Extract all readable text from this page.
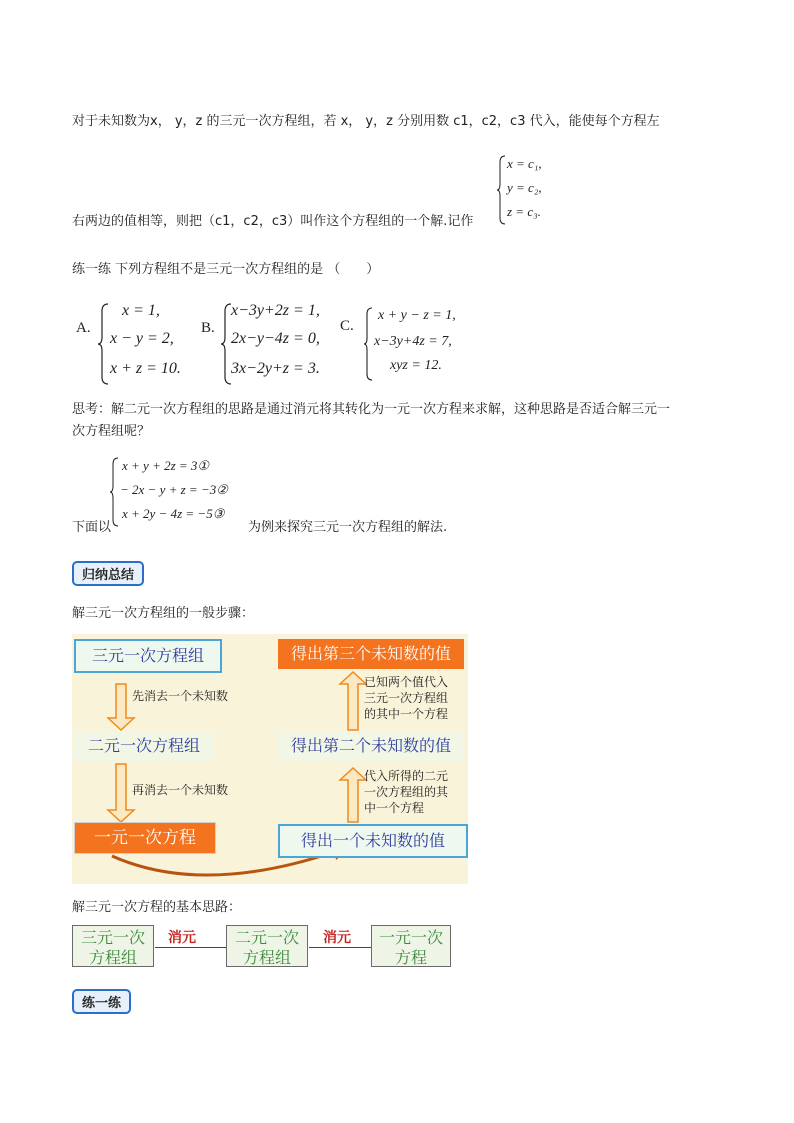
对于未知数为x， y，z 的三元一次方程组，若 x， y，z 分别用数 c1，c2，c3 代入，能使每个方程左
x = c₁,
y = c₂,
z = c₃.
右两边的值相等，则把（c1，c2，c3）叫作这个方程组的一个解.记作
练一练 下列方程组不是三元一次方程组的是 （　　）
A.
x = 1,
x − y = 2,
x + z = 10.
B.
x−3y+2z = 1,
2x−y−4z = 0,
3x−2y+z = 3.
C.
x + y − z = 1,
x−3y+4z = 7,
xyz = 12.
思考：解二元一次方程组的思路是通过消元将其转化为一元一次方程来求解，这种思路是否适合解三元一
次方程组呢？
x + y + 2z = 3①
− 2x − y + z = −3②
x + 2y − 4z = −5③
下面以	为例来探究三元一次方程组的解法.
归纳总结
解三元一次方程组的一般步骤：
三元一次方程组
二元一次方程组
一元一次方程
得出第三个未知数的值
得出第二个未知数的值
得出一个未知数的值
先消去一个未知数
再消去一个未知数
已知两个值代入
三元一次方程组
的其中一个方程
代入所得的二元
一次方程组的其
中一个方程
解三元一次方程的基本思路：
三元一次
方程组
消元	二元一次
方程组
消元	一元一次
方程
练一练
